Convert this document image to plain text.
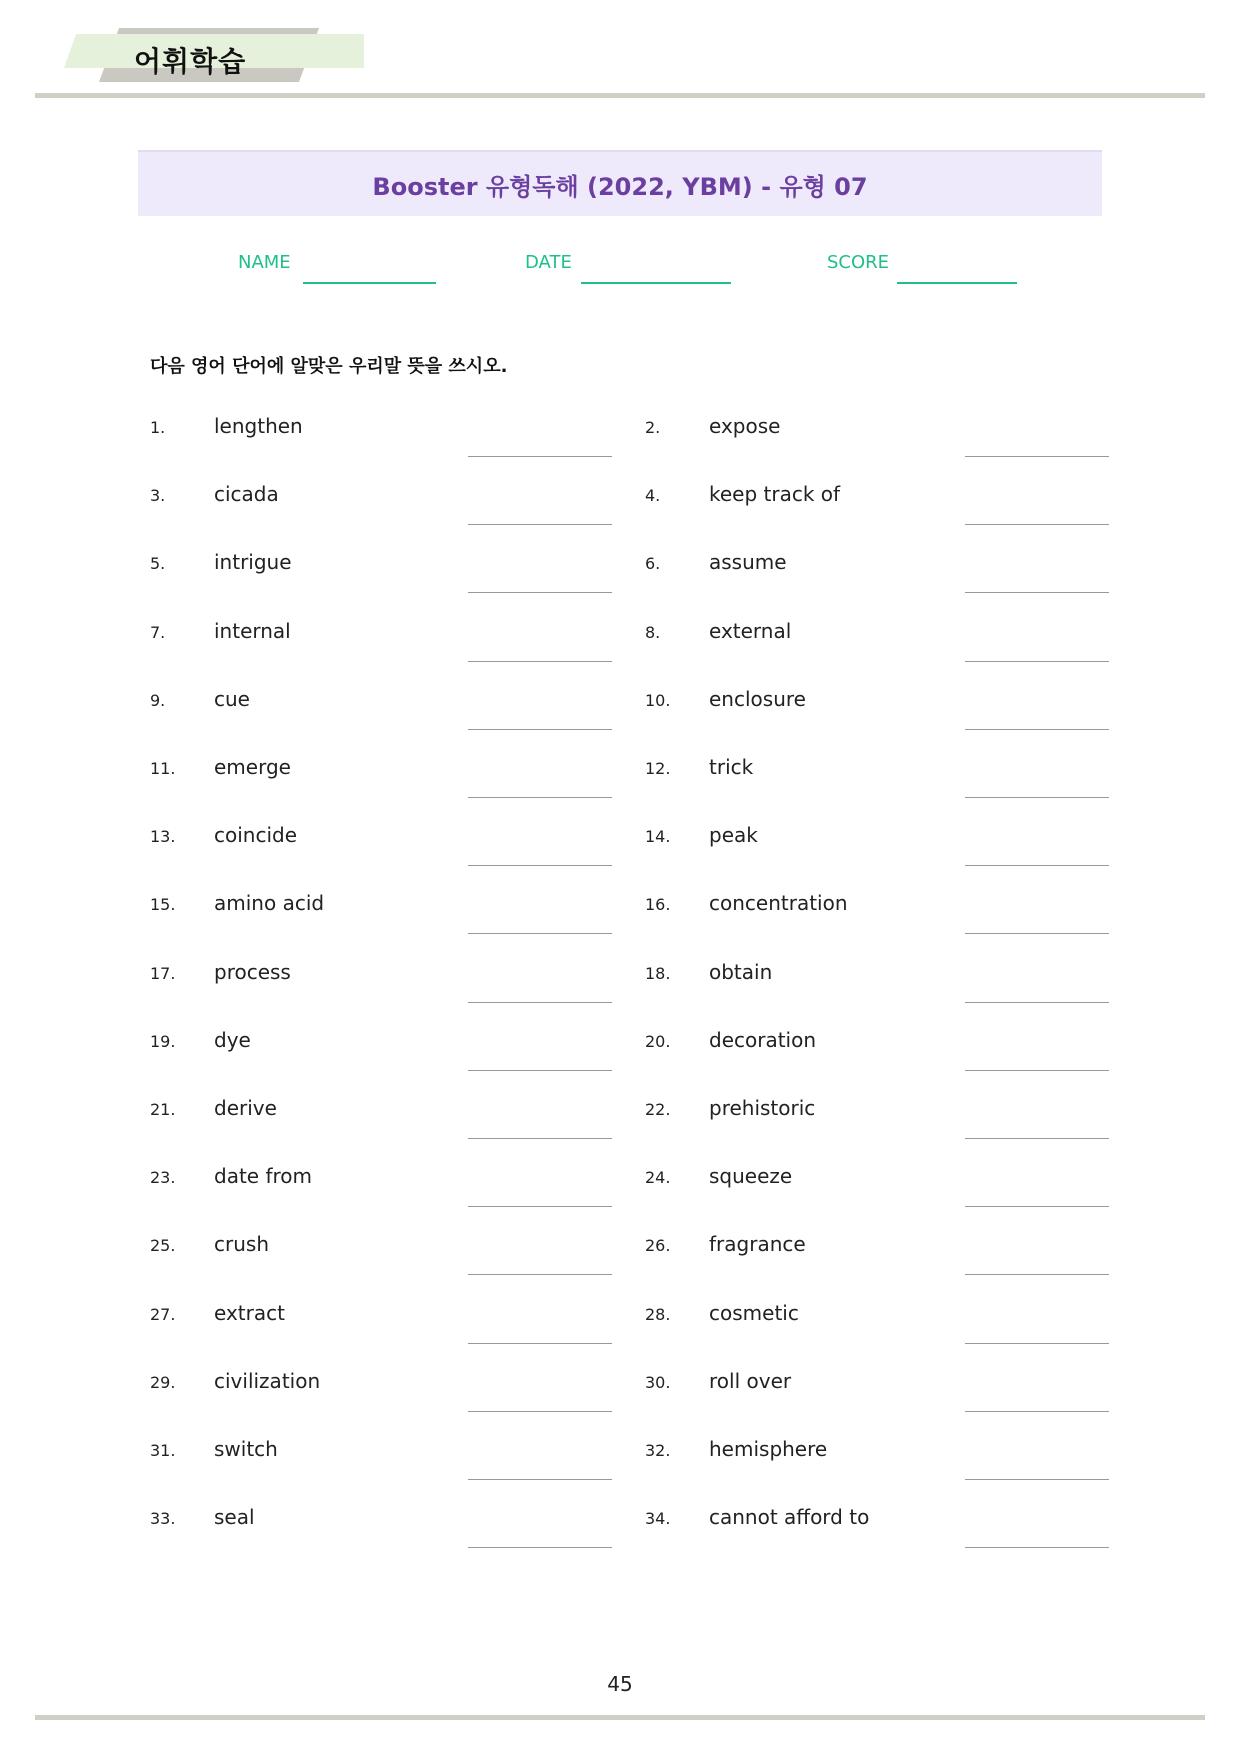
어휘학습
Booster 유형독해 (2022, YBM) - 유형 07
NAME	DATE	SCORE
다음 영어 단어에 알맞은 우리말 뜻을 쓰시오.
1. lengthen	2. expose
3. cicada	4. keep track of
5. intrigue	6. assume
7. internal	8. external
9. cue	10. enclosure
11. emerge	12. trick
13. coincide	14. peak
15. amino acid	16. concentration
17. process	18. obtain
19. dye	20. decoration
21. derive	22. prehistoric
23. date from	24. squeeze
25. crush	26. fragrance
27. extract	28. cosmetic
29. civilization	30. roll over
31. switch	32. hemisphere
33. seal	34. cannot afford to
45
